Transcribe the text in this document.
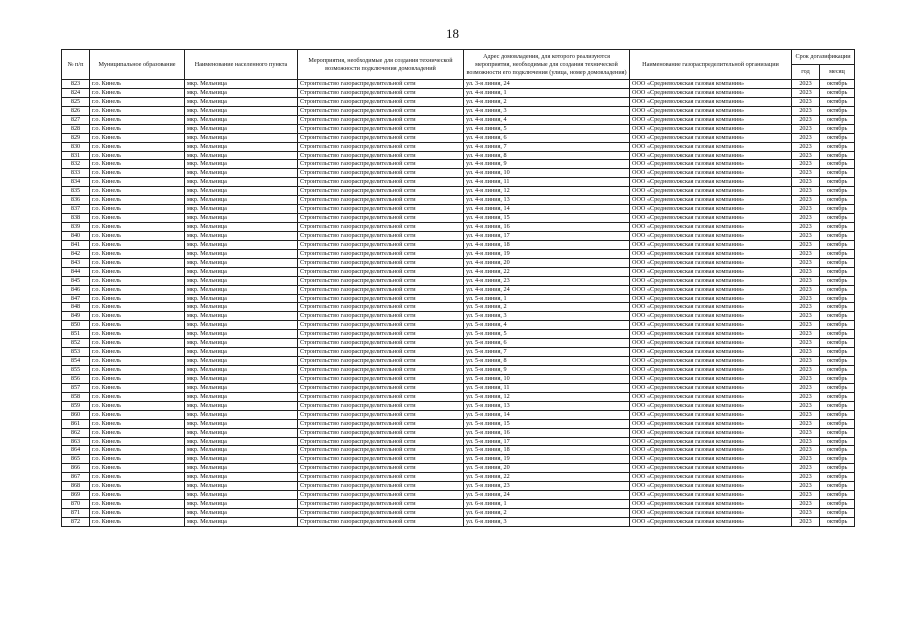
18
№ п/п	Муниципальное образование	Наименование населенного пункта	Мероприятия, необходимые для создания технической возможности подключения домовладений	Адрес домовладения, для которого реализуются мероприятия, необходимые для создания технической возможности его подключения (улица, номер домовладения)	Наименование газораспределительной организации	Срок догазификации	
						год	месяц
823	г.о. Кинель	мкр. Мельница	Строительство газораспределительной сети	ул. 3-я линия, 24	ООО «Средневолжская газовая компания»	2023	октябрь
824	г.о. Кинель	мкр. Мельница	Строительство газораспределительной сети	ул. 4-я линия, 1	ООО «Средневолжская газовая компания»	2023	октябрь
825	г.о. Кинель	мкр. Мельница	Строительство газораспределительной сети	ул. 4-я линия, 2	ООО «Средневолжская газовая компания»	2023	октябрь
826	г.о. Кинель	мкр. Мельница	Строительство газораспределительной сети	ул. 4-я линия, 3	ООО «Средневолжская газовая компания»	2023	октябрь
827	г.о. Кинель	мкр. Мельница	Строительство газораспределительной сети	ул. 4-я линия, 4	ООО «Средневолжская газовая компания»	2023	октябрь
828	г.о. Кинель	мкр. Мельница	Строительство газораспределительной сети	ул. 4-я линия, 5	ООО «Средневолжская газовая компания»	2023	октябрь
829	г.о. Кинель	мкр. Мельница	Строительство газораспределительной сети	ул. 4-я линия, 6	ООО «Средневолжская газовая компания»	2023	октябрь
830	г.о. Кинель	мкр. Мельница	Строительство газораспределительной сети	ул. 4-я линия, 7	ООО «Средневолжская газовая компания»	2023	октябрь
831	г.о. Кинель	мкр. Мельница	Строительство газораспределительной сети	ул. 4-я линия, 8	ООО «Средневолжская газовая компания»	2023	октябрь
832	г.о. Кинель	мкр. Мельница	Строительство газораспределительной сети	ул. 4-я линия, 9	ООО «Средневолжская газовая компания»	2023	октябрь
833	г.о. Кинель	мкр. Мельница	Строительство газораспределительной сети	ул. 4-я линия, 10	ООО «Средневолжская газовая компания»	2023	октябрь
834	г.о. Кинель	мкр. Мельница	Строительство газораспределительной сети	ул. 4-я линия, 11	ООО «Средневолжская газовая компания»	2023	октябрь
835	г.о. Кинель	мкр. Мельница	Строительство газораспределительной сети	ул. 4-я линия, 12	ООО «Средневолжская газовая компания»	2023	октябрь
836	г.о. Кинель	мкр. Мельница	Строительство газораспределительной сети	ул. 4-я линия, 13	ООО «Средневолжская газовая компания»	2023	октябрь
837	г.о. Кинель	мкр. Мельница	Строительство газораспределительной сети	ул. 4-я линия, 14	ООО «Средневолжская газовая компания»	2023	октябрь
838	г.о. Кинель	мкр. Мельница	Строительство газораспределительной сети	ул. 4-я линия, 15	ООО «Средневолжская газовая компания»	2023	октябрь
839	г.о. Кинель	мкр. Мельница	Строительство газораспределительной сети	ул. 4-я линия, 16	ООО «Средневолжская газовая компания»	2023	октябрь
840	г.о. Кинель	мкр. Мельница	Строительство газораспределительной сети	ул. 4-я линия, 17	ООО «Средневолжская газовая компания»	2023	октябрь
841	г.о. Кинель	мкр. Мельница	Строительство газораспределительной сети	ул. 4-я линия, 18	ООО «Средневолжская газовая компания»	2023	октябрь
842	г.о. Кинель	мкр. Мельница	Строительство газораспределительной сети	ул. 4-я линия, 19	ООО «Средневолжская газовая компания»	2023	октябрь
843	г.о. Кинель	мкр. Мельница	Строительство газораспределительной сети	ул. 4-я линия, 20	ООО «Средневолжская газовая компания»	2023	октябрь
844	г.о. Кинель	мкр. Мельница	Строительство газораспределительной сети	ул. 4-я линия, 22	ООО «Средневолжская газовая компания»	2023	октябрь
845	г.о. Кинель	мкр. Мельница	Строительство газораспределительной сети	ул. 4-я линия, 23	ООО «Средневолжская газовая компания»	2023	октябрь
846	г.о. Кинель	мкр. Мельница	Строительство газораспределительной сети	ул. 4-я линия, 24	ООО «Средневолжская газовая компания»	2023	октябрь
847	г.о. Кинель	мкр. Мельница	Строительство газораспределительной сети	ул. 5-я линия, 1	ООО «Средневолжская газовая компания»	2023	октябрь
848	г.о. Кинель	мкр. Мельница	Строительство газораспределительной сети	ул. 5-я линия, 2	ООО «Средневолжская газовая компания»	2023	октябрь
849	г.о. Кинель	мкр. Мельница	Строительство газораспределительной сети	ул. 5-я линия, 3	ООО «Средневолжская газовая компания»	2023	октябрь
850	г.о. Кинель	мкр. Мельница	Строительство газораспределительной сети	ул. 5-я линия, 4	ООО «Средневолжская газовая компания»	2023	октябрь
851	г.о. Кинель	мкр. Мельница	Строительство газораспределительной сети	ул. 5-я линия, 5	ООО «Средневолжская газовая компания»	2023	октябрь
852	г.о. Кинель	мкр. Мельница	Строительство газораспределительной сети	ул. 5-я линия, 6	ООО «Средневолжская газовая компания»	2023	октябрь
853	г.о. Кинель	мкр. Мельница	Строительство газораспределительной сети	ул. 5-я линия, 7	ООО «Средневолжская газовая компания»	2023	октябрь
854	г.о. Кинель	мкр. Мельница	Строительство газораспределительной сети	ул. 5-я линия, 8	ООО «Средневолжская газовая компания»	2023	октябрь
855	г.о. Кинель	мкр. Мельница	Строительство газораспределительной сети	ул. 5-я линия, 9	ООО «Средневолжская газовая компания»	2023	октябрь
856	г.о. Кинель	мкр. Мельница	Строительство газораспределительной сети	ул. 5-я линия, 10	ООО «Средневолжская газовая компания»	2023	октябрь
857	г.о. Кинель	мкр. Мельница	Строительство газораспределительной сети	ул. 5-я линия, 11	ООО «Средневолжская газовая компания»	2023	октябрь
858	г.о. Кинель	мкр. Мельница	Строительство газораспределительной сети	ул. 5-я линия, 12	ООО «Средневолжская газовая компания»	2023	октябрь
859	г.о. Кинель	мкр. Мельница	Строительство газораспределительной сети	ул. 5-я линия, 13	ООО «Средневолжская газовая компания»	2023	октябрь
860	г.о. Кинель	мкр. Мельница	Строительство газораспределительной сети	ул. 5-я линия, 14	ООО «Средневолжская газовая компания»	2023	октябрь
861	г.о. Кинель	мкр. Мельница	Строительство газораспределительной сети	ул. 5-я линия, 15	ООО «Средневолжская газовая компания»	2023	октябрь
862	г.о. Кинель	мкр. Мельница	Строительство газораспределительной сети	ул. 5-я линия, 16	ООО «Средневолжская газовая компания»	2023	октябрь
863	г.о. Кинель	мкр. Мельница	Строительство газораспределительной сети	ул. 5-я линия, 17	ООО «Средневолжская газовая компания»	2023	октябрь
864	г.о. Кинель	мкр. Мельница	Строительство газораспределительной сети	ул. 5-я линия, 18	ООО «Средневолжская газовая компания»	2023	октябрь
865	г.о. Кинель	мкр. Мельница	Строительство газораспределительной сети	ул. 5-я линия, 19	ООО «Средневолжская газовая компания»	2023	октябрь
866	г.о. Кинель	мкр. Мельница	Строительство газораспределительной сети	ул. 5-я линия, 20	ООО «Средневолжская газовая компания»	2023	октябрь
867	г.о. Кинель	мкр. Мельница	Строительство газораспределительной сети	ул. 5-я линия, 22	ООО «Средневолжская газовая компания»	2023	октябрь
868	г.о. Кинель	мкр. Мельница	Строительство газораспределительной сети	ул. 5-я линия, 23	ООО «Средневолжская газовая компания»	2023	октябрь
869	г.о. Кинель	мкр. Мельница	Строительство газораспределительной сети	ул. 5-я линия, 24	ООО «Средневолжская газовая компания»	2023	октябрь
870	г.о. Кинель	мкр. Мельница	Строительство газораспределительной сети	ул. 6-я линия, 1	ООО «Средневолжская газовая компания»	2023	октябрь
871	г.о. Кинель	мкр. Мельница	Строительство газораспределительной сети	ул. 6-я линия, 2	ООО «Средневолжская газовая компания»	2023	октябрь
872	г.о. Кинель	мкр. Мельница	Строительство газораспределительной сети	ул. 6-я линия, 3	ООО «Средневолжская газовая компания»	2023	октябрь
